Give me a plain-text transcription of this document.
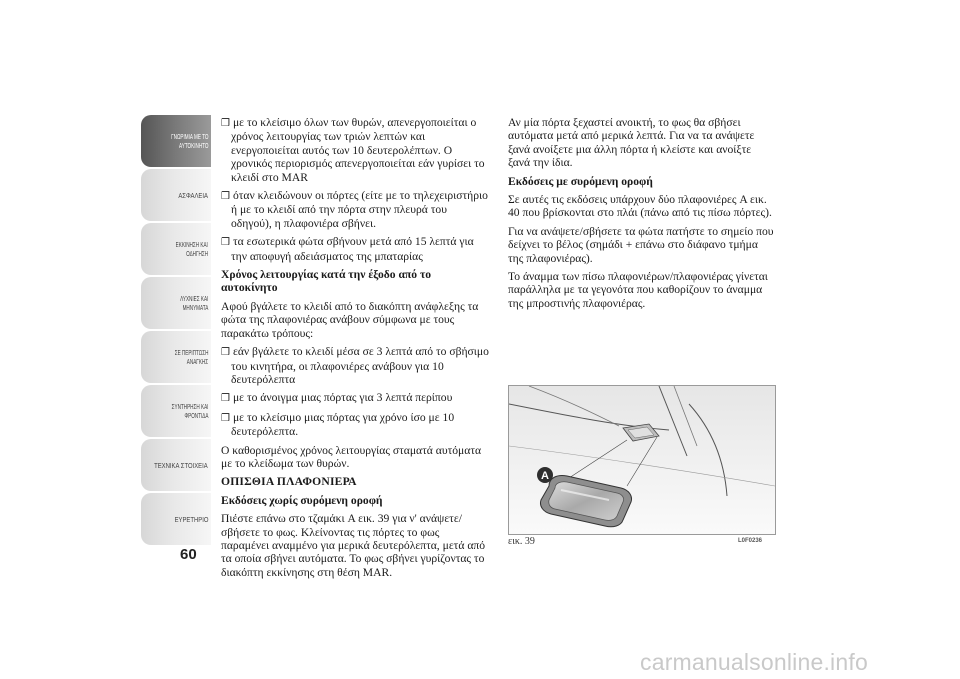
ΓΝΩΡΙΜΙΑ ΜΕ ΤΟ
ΑΥΤΟΚΙΝΗΤΟ
ΑΣΦΑΛΕΙΑ
ΕΚΚΙΝΗΣΗ ΚΑΙ
ΟΔΗΓΗΣΗ
ΛΥΧΝΙΕΣ ΚΑΙ
ΜΗΝΥΜΑΤΑ
ΣΕ ΠΕΡΙΠΤΩΣΗ
ΑΝΑΓΚΗΣ
ΣΥΝΤΗΡΗΣΗ ΚΑΙ
ΦΡΟΝΤΙΔΑ
ΤΕΧΝΙΚΑ ΣΤΟΙΧΕΙΑ
ΕΥΡΕΤΗΡΙΟ
60

❒ με το κλείσιμο όλων των θυρών, απενεργοποιείται ο χρόνος λειτουργίας των τριών λεπτών και ενεργοποιείται αυτός των 10 δευτερολέπτων. Ο χρονικός περιορισμός απενεργοποιείται εάν γυρίσει το κλειδί στο MAR

❒ όταν κλειδώνουν οι πόρτες (είτε με το τηλεχειριστήριο ή με το κλειδί από την πόρτα στην πλευρά του οδηγού), η πλαφονιέρα σβήνει.

❒ τα εσωτερικά φώτα σβήνουν μετά από 15 λεπτά για την αποφυγή αδειάσματος της μπαταρίας

Χρόνος λειτουργίας κατά την έξοδο από το αυτοκίνητο

Αφού βγάλετε το κλειδί από το διακόπτη ανάφλεξης τα φώτα της πλαφονιέρας ανάβουν σύμφωνα με τους παρακάτω τρόπους:

❒ εάν βγάλετε το κλειδί μέσα σε 3 λεπτά από το σβήσιμο του κινητήρα, οι πλαφονιέρες ανάβουν για 10 δευτερόλεπτα

❒ με το άνοιγμα μιας πόρτας για 3 λεπτά περίπου

❒ με το κλείσιμο μιας πόρτας για χρόνο ίσο με 10 δευτερόλεπτα.

Ο καθορισμένος χρόνος λειτουργίας σταματά αυτόματα με το κλείδωμα των θυρών.

ΟΠΙΣΘΙΑ ΠΛΑΦΟΝΙΕΡΑ

Εκδόσεις χωρίς συρόμενη οροφή

Πιέστε επάνω στο τζαμάκι A εικ. 39 για ν' ανάψετε/σβήσετε το φως. Κλείνοντας τις πόρτες το φως παραμένει αναμμένο για μερικά δευτερόλεπτα, μετά από τα οποία σβήνει αυτόματα. Το φως σβήνει γυρίζοντας το διακόπτη εκκίνησης στη θέση MAR.

Αν μία πόρτα ξεχαστεί ανοικτή, το φως θα σβήσει αυτόματα μετά από μερικά λεπτά. Για να τα ανάψετε ξανά ανοίξετε μια άλλη πόρτα ή κλείστε και ανοίξτε ξανά την ίδια.

Εκδόσεις με συρόμενη οροφή

Σε αυτές τις εκδόσεις υπάρχουν δύο πλαφονιέρες A εικ. 40 που βρίσκονται στο πλάι (πάνω από τις πίσω πόρτες).

Για να ανάψετε/σβήσετε τα φώτα πατήστε το σημείο που δείχνει το βέλος (σημάδι + επάνω στο διάφανο τμήμα της πλαφονιέρας).

Το άναμμα των πίσω πλαφονιέρων/πλαφονιέρας γίνεται παράλληλα με τα γεγονότα που καθορίζουν το άναμμα της μπροστινής πλαφονιέρας.

A
εικ. 39	L0F0236
carmanualsonline.info
